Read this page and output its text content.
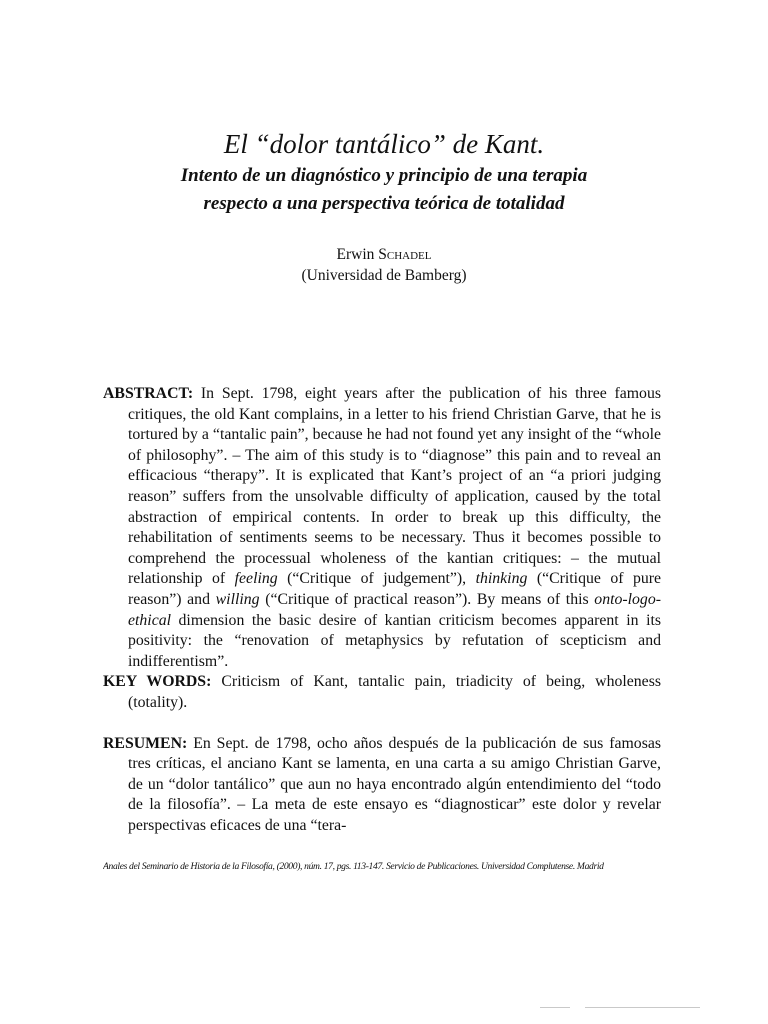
El “dolor tantálico” de Kant.
Intento de un diagnóstico y principio de una terapia
respecto a una perspectiva teórica de totalidad
Erwin Schadel
(Universidad de Bamberg)

ABSTRACT: In Sept. 1798, eight years after the publication of his three famous critiques, the old Kant complains, in a letter to his friend Christian Garve, that he is tortured by a “tantalic pain”, because he had not found yet any insight of the “whole of philosophy”. – The aim of this study is to “diagnose” this pain and to reveal an efficacious “therapy”. It is explicated that Kant’s project of an “a priori judging reason” suffers from the unsolvable difficulty of application, caused by the total abstraction of empirical contents. In order to break up this difficulty, the rehabilitation of sentiments seems to be necessary. Thus it becomes possible to comprehend the processual wholeness of the kantian critiques: – the mutual relationship of feeling (“Critique of judgement”), thinking (“Critique of pure reason”) and willing (“Critique of practical reason”). By means of this onto-logo-ethical dimension the basic desire of kantian criticism becomes apparent in its positivity: the “renovation of metaphysics by refutation of scepticism and indifferentism”.

KEY WORDS: Criticism of Kant, tantalic pain, triadicity of being, wholeness (totality).

RESUMEN: En Sept. de 1798, ocho años después de la publicación de sus famosas tres críticas, el anciano Kant se lamenta, en una carta a su amigo Christian Garve, de un “dolor tantálico” que aun no haya encontrado algún entendimiento del “todo de la filosofía”. – La meta de este ensayo es “diagnosticar” este dolor y revelar perspectivas eficaces de una “tera-

Anales del Seminario de Historia de la Filosofía, (2000), núm. 17, pgs. 113-147. Servicio de Publicaciones. Universidad Complutense. Madrid
